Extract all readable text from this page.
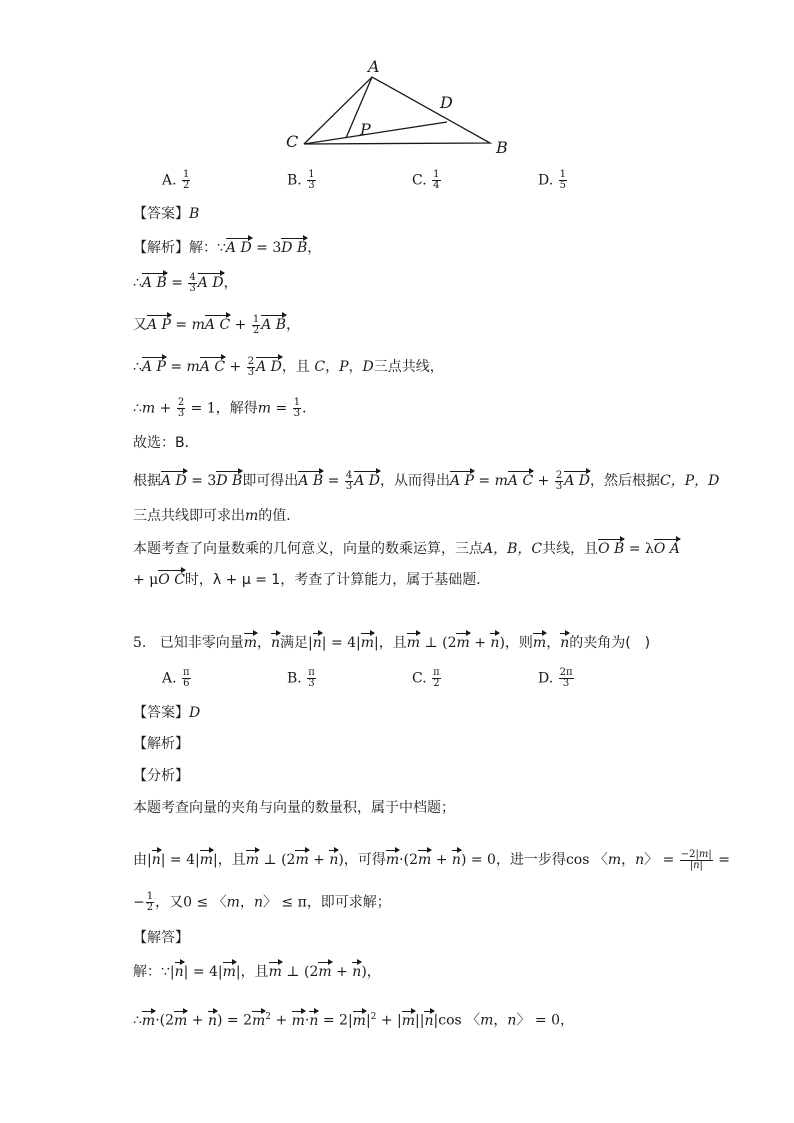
A
D
P
C	B
A. $\frac{1}{2}$	B. $\frac{1}{3}$	C. $\frac{1}{4}$	D. $\frac{1}{5}$
【答案】B
【解析】解：∵A D = 3D B，
∴A $B = \frac{4}{3}$ A D，
又A P = mA $C + \frac{1}{2}$ A B，
∴A P = mA $C + \frac{2}{3}$ A D，且 C，P，D三点共线，
∴m + $\frac{2}{3} = 1$，解得$m = \frac{1}{3}$ ．
故选：B．
根据A D = 3D B即可得出A $B = \frac{4}{3}$ A D，从而得出A P = mA $C + \frac{2}{3}$ A D，然后根据C，P，D
三点共线即可求出m的值．
本题考查了向量数乘的几何意义，向量的数乘运算，三点A，B，C共线，且O B = λO A
+ μO C时，λ + μ = 1，考查了计算能力，属于基础题．
5. 已知非零向量m，n满足|n| = 4|m|，且m ⊥ (2m + n)，则m，n的夹角为(　)
A. $\frac{\pi}{6}$	B. $\frac{\pi}{3}$	C. $\frac{\pi}{2}$	D. $\frac{2\pi}{3}$
【答案】D
【解析】
【分析】
本题考查向量的夹角与向量的数量积，属于中档题；
由|n| = 4|m|，且m ⊥ (2m + n)，可得m·(2m + n) = 0，进一步得cos 〈m，n〉 = $\frac{-2|m|}{|n|}$ =
− $\frac{1}{2}$ ，又0 ≤ 〈m，n〉 ≤ π，即可求解；
【解答】
解：∵|n| = 4|m|，且m ⊥ (2m + n)，
∴m·(2m + $n) = 2m^2 + m\cdot n = 2|m|^2 + |m||n|\cos$ 〈m，n〉 = 0，
